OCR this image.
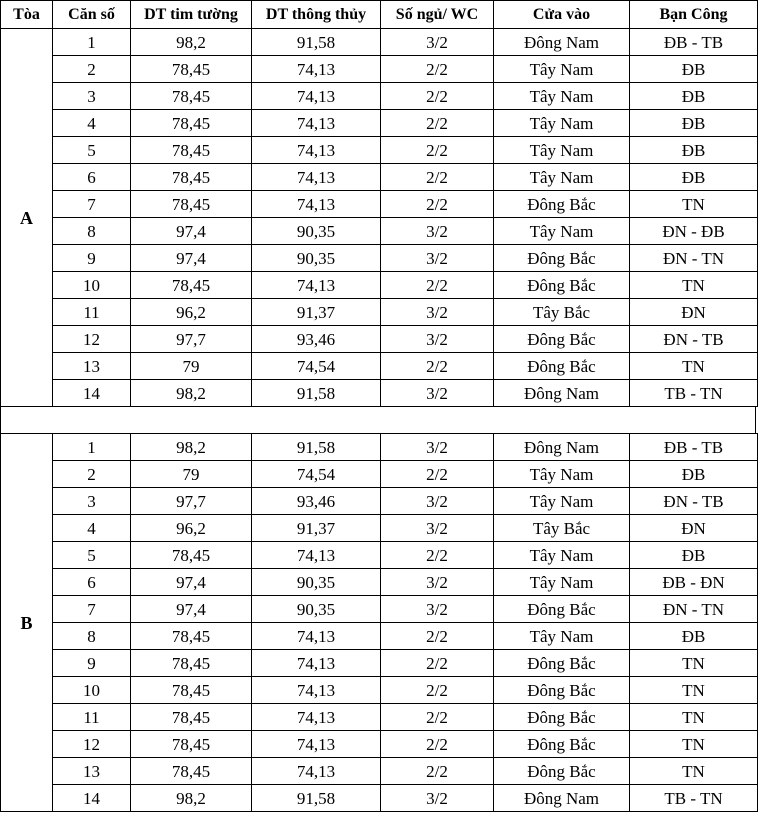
Tòa	Căn số	DT tim tường	DT thông thủy	Số ngủ/ WC	Cửa vào	Bạn Công
A	1	98,2	91,58	3/2	Đông Nam	ĐB - TB
	2	78,45	74,13	2/2	Tây Nam	ĐB
	3	78,45	74,13	2/2	Tây Nam	ĐB
	4	78,45	74,13	2/2	Tây Nam	ĐB
	5	78,45	74,13	2/2	Tây Nam	ĐB
	6	78,45	74,13	2/2	Tây Nam	ĐB
	7	78,45	74,13	2/2	Đông Bắc	TN
	8	97,4	90,35	3/2	Tây Nam	ĐN - ĐB
	9	97,4	90,35	3/2	Đông Bắc	ĐN - TN
	10	78,45	74,13	2/2	Đông Bắc	TN
	11	96,2	91,37	3/2	Tây Bắc	ĐN
	12	97,7	93,46	3/2	Đông Bắc	ĐN - TB
	13	79	74,54	2/2	Đông Bắc	TN
	14	98,2	91,58	3/2	Đông Nam	TB - TN
B	1	98,2	91,58	3/2	Đông Nam	ĐB - TB
	2	79	74,54	2/2	Tây Nam	ĐB
	3	97,7	93,46	3/2	Tây Nam	ĐN - TB
	4	96,2	91,37	3/2	Tây Bắc	ĐN
	5	78,45	74,13	2/2	Tây Nam	ĐB
	6	97,4	90,35	3/2	Tây Nam	ĐB - ĐN
	7	97,4	90,35	3/2	Đông Bắc	ĐN - TN
	8	78,45	74,13	2/2	Tây Nam	ĐB
	9	78,45	74,13	2/2	Đông Bắc	TN
	10	78,45	74,13	2/2	Đông Bắc	TN
	11	78,45	74,13	2/2	Đông Bắc	TN
	12	78,45	74,13	2/2	Đông Bắc	TN
	13	78,45	74,13	2/2	Đông Bắc	TN
	14	98,2	91,58	3/2	Đông Nam	TB - TN
